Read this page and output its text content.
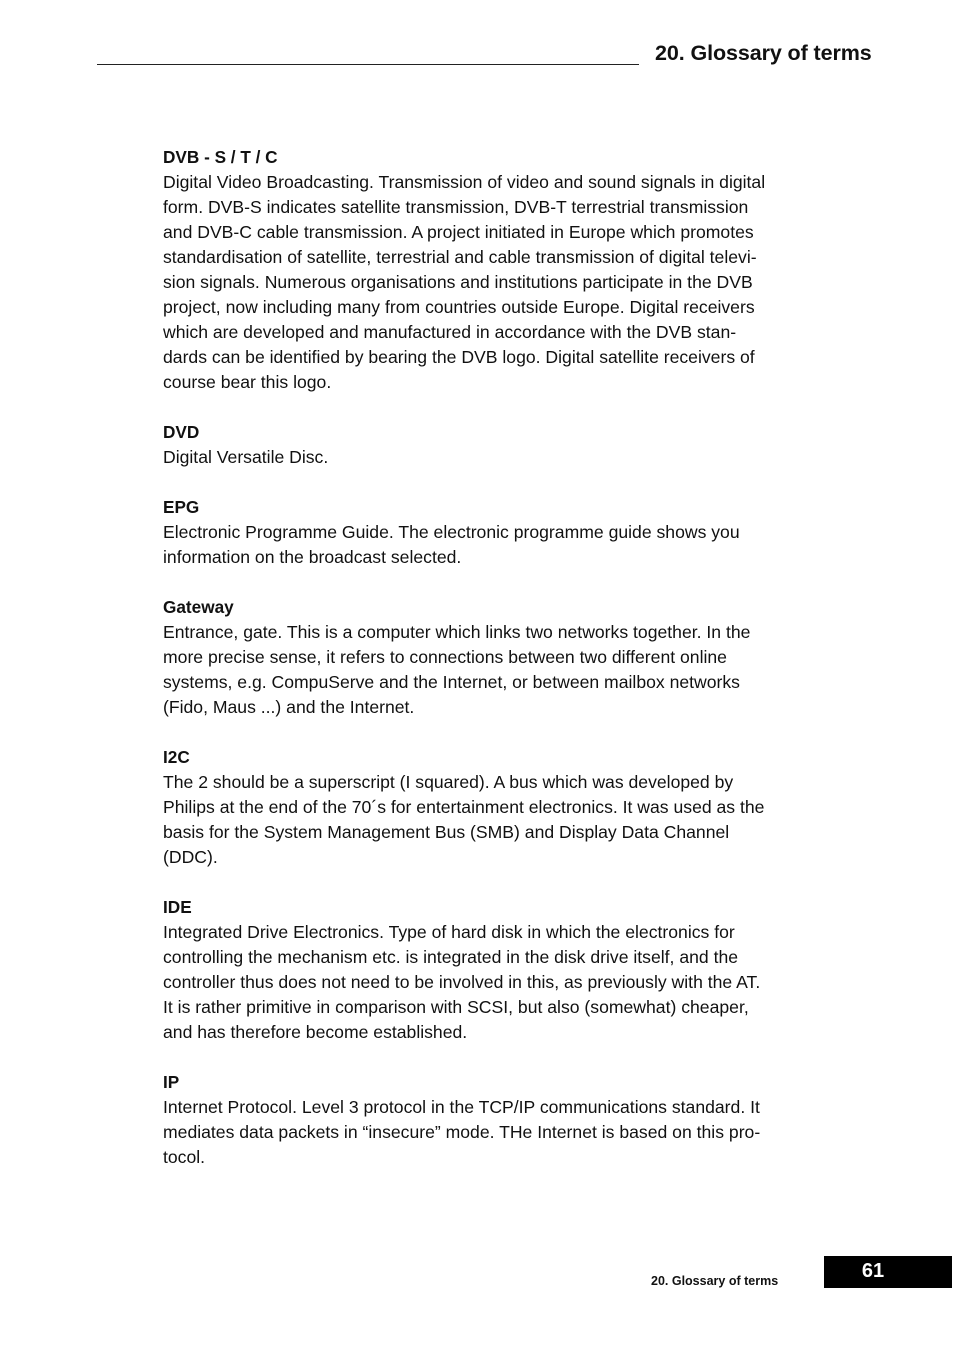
20. Glossary of terms
DVB - S / T / C
Digital Video Broadcasting. Transmission of video and sound signals in digital
form. DVB-S indicates satellite transmission, DVB-T terrestrial transmission
and DVB-C cable transmission. A project initiated in Europe which promotes
standardisation of satellite, terrestrial and cable transmission of digital televi-
sion signals. Numerous organisations and institutions participate in the DVB
project, now including many from countries outside Europe. Digital receivers
which are developed and manufactured in accordance with the DVB stan-
dards can be identified by bearing the DVB logo. Digital satellite receivers of
course bear this logo.
DVD
Digital Versatile Disc.
EPG
Electronic Programme Guide. The electronic programme guide shows you
information on the broadcast selected.
Gateway
Entrance, gate. This is a computer which links two networks together. In the
more precise sense, it refers to connections between two different online
systems, e.g. CompuServe and the Internet, or between mailbox networks
(Fido, Maus ...) and the Internet.
I2C
The 2 should be a superscript (I squared). A bus which was developed by
Philips at the end of the 70´s for entertainment electronics. It was used as the
basis for the System Management Bus (SMB) and Display Data Channel
(DDC).
IDE
Integrated Drive Electronics. Type of hard disk in which the electronics for
controlling the mechanism etc. is integrated in the disk drive itself, and the
controller thus does not need to be involved in this, as previously with the AT.
It is rather primitive in comparison with SCSI, but also (somewhat) cheaper,
and has therefore become established.
IP
Internet Protocol. Level 3 protocol in the TCP/IP communications standard. It
mediates data packets in “insecure” mode. THe Internet is based on this pro-
tocol.
20. Glossary of terms	61
